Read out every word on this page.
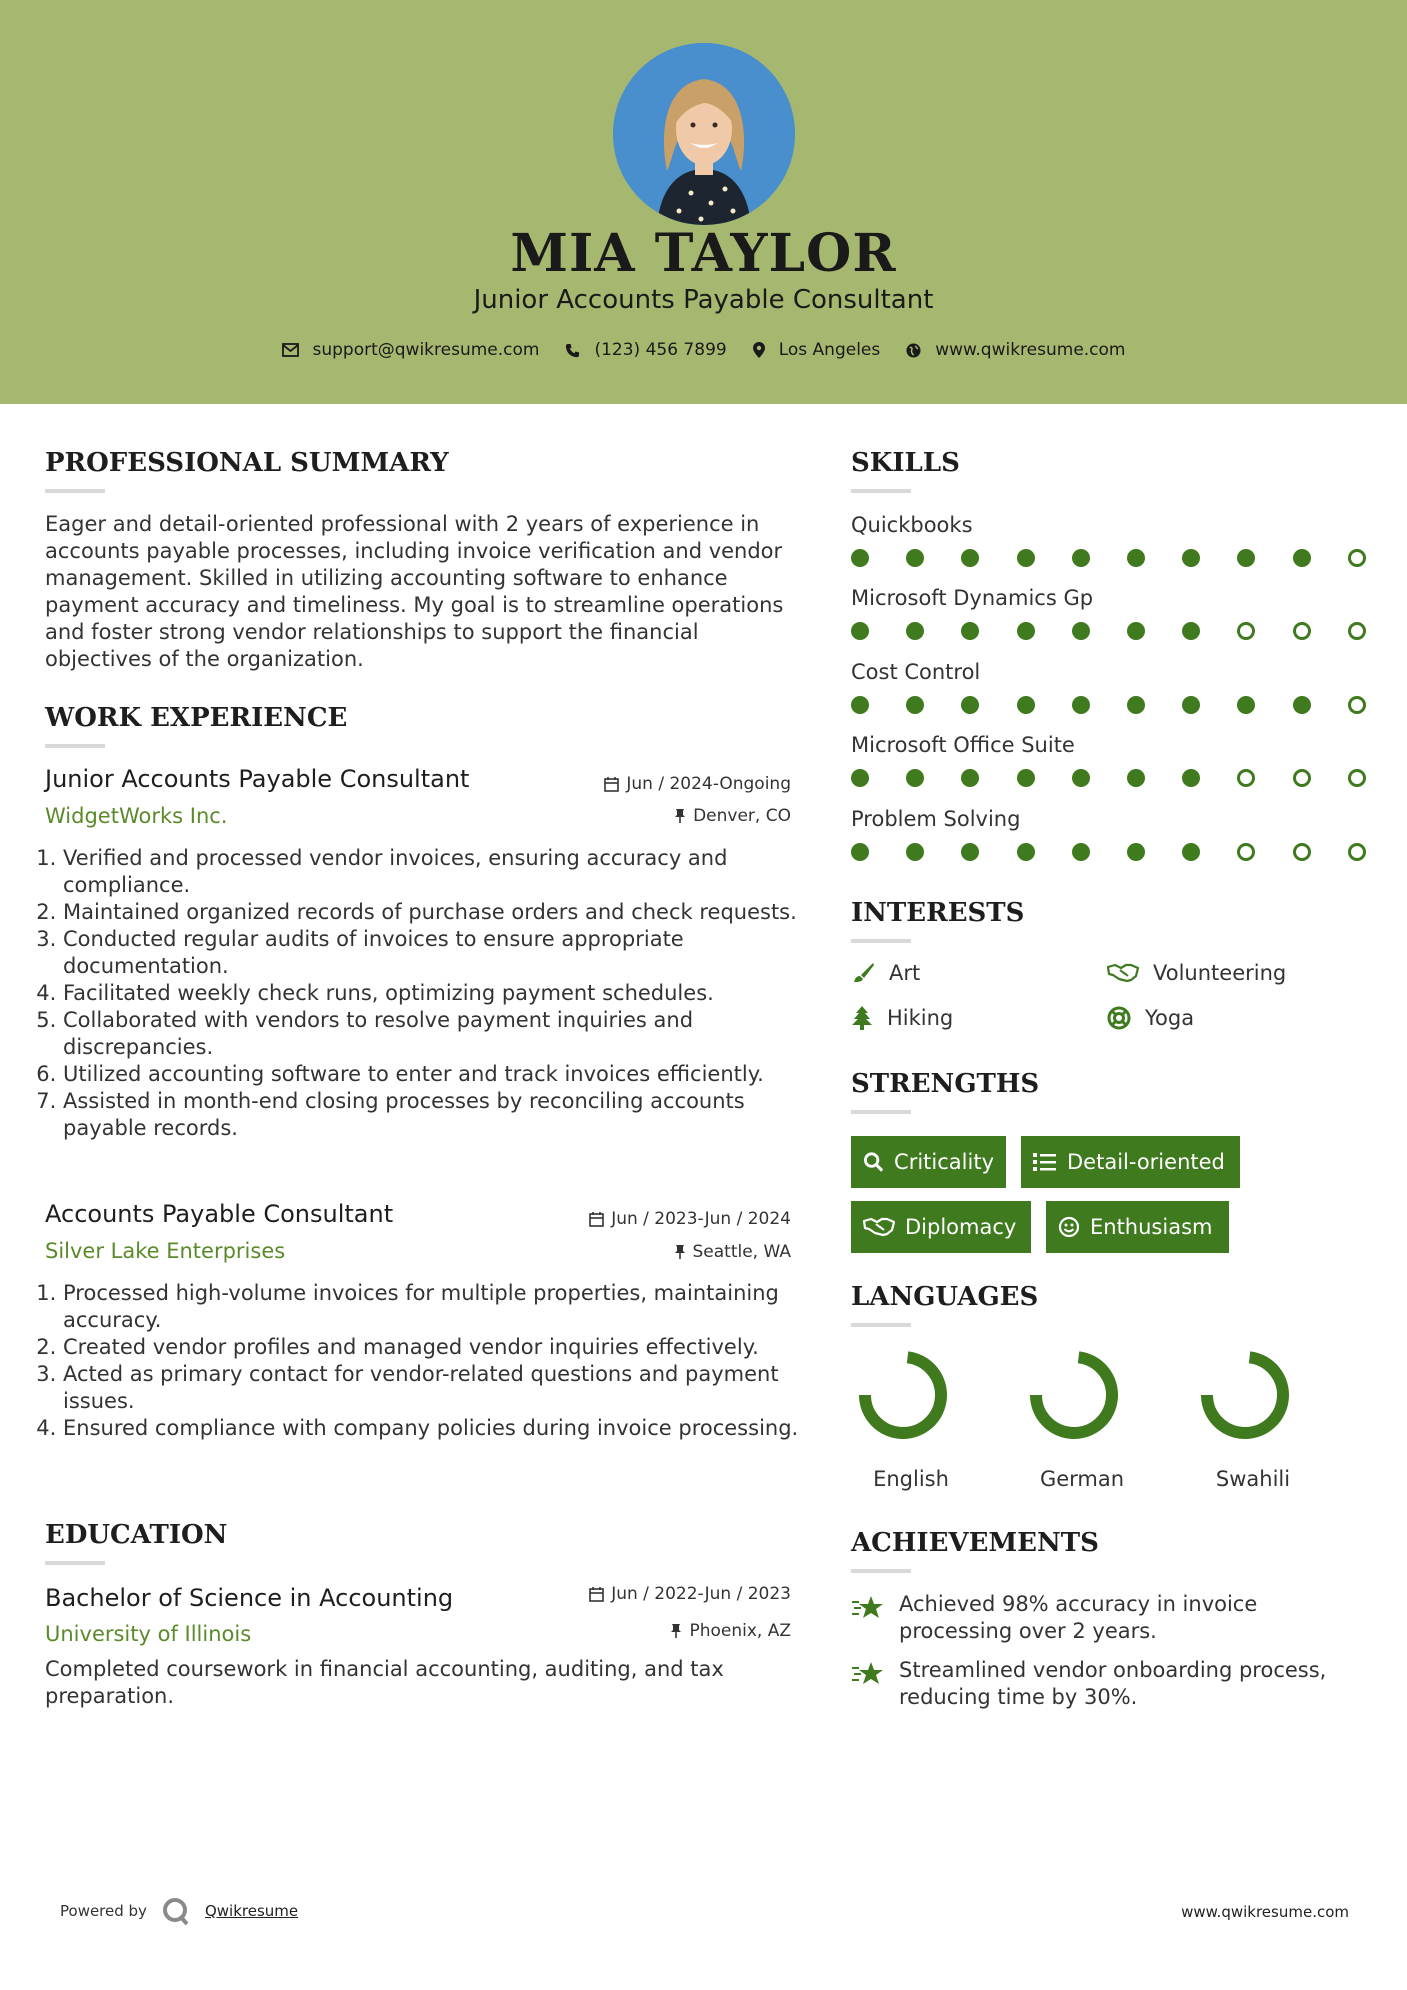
MIA TAYLOR
Junior Accounts Payable Consultant
support@qwikresume.com	(123) 456 7899	Los Angeles	www.qwikresume.com
PROFESSIONAL SUMMARY
Eager and detail-oriented professional with 2 years of experience in accounts payable processes, including invoice verification and vendor management. Skilled in utilizing accounting software to enhance payment accuracy and timeliness. My goal is to streamline operations and foster strong vendor relationships to support the financial objectives of the organization.
WORK EXPERIENCE
Junior Accounts Payable Consultant	Jun / 2024-Ongoing
WidgetWorks Inc.	Denver, CO
1. Verified and processed vendor invoices, ensuring accuracy and compliance.
2. Maintained organized records of purchase orders and check requests.
3. Conducted regular audits of invoices to ensure appropriate documentation.
4. Facilitated weekly check runs, optimizing payment schedules.
5. Collaborated with vendors to resolve payment inquiries and discrepancies.
6. Utilized accounting software to enter and track invoices efficiently.
7. Assisted in month-end closing processes by reconciling accounts payable records.
Accounts Payable Consultant	Jun / 2023-Jun / 2024
Silver Lake Enterprises	Seattle, WA
1. Processed high-volume invoices for multiple properties, maintaining accuracy.
2. Created vendor profiles and managed vendor inquiries effectively.
3. Acted as primary contact for vendor-related questions and payment issues.
4. Ensured compliance with company policies during invoice processing.
EDUCATION
Bachelor of Science in Accounting	Jun / 2022-Jun / 2023
University of Illinois	Phoenix, AZ
Completed coursework in financial accounting, auditing, and tax preparation.
SKILLS
Quickbooks
Microsoft Dynamics Gp
Cost Control
Microsoft Office Suite
Problem Solving
INTERESTS
Art	Volunteering
Hiking	Yoga
STRENGTHS
Criticality	Detail-oriented
Diplomacy	Enthusiasm
LANGUAGES
English	German	Swahili
ACHIEVEMENTS
Achieved 98% accuracy in invoice processing over 2 years.
Streamlined vendor onboarding process, reducing time by 30%.
Powered by	Qwikresume	www.qwikresume.com
